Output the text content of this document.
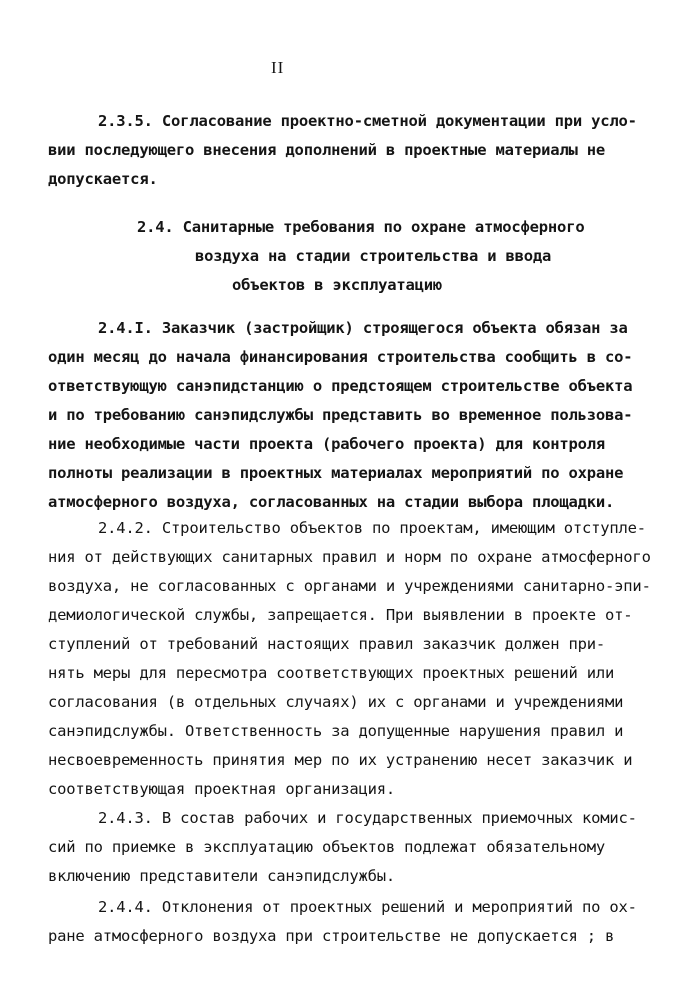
II
2.3.5. Согласование проектно-сметной документации при усло-
вии последующего внесения дополнений в проектные материалы не
допускается.
2.4. Санитарные требования по охране атмосферного
воздуха на стадии строительства и ввода
объектов в эксплуатацию
2.4.I. Заказчик (застройщик) строящегося объекта обязан за
один месяц до начала финансирования строительства сообщить в со-
ответствующую санэпидстанцию о предстоящем строительстве объекта
и по требованию санэпидслужбы представить во временное пользова-
ние необходимые части проекта (рабочего проекта) для контроля
полноты реализации в проектных материалах мероприятий по охране
атмосферного воздуха, согласованных на стадии выбора площадки.
2.4.2. Строительство объектов по проектам, имеющим отступле-
ния от действующих санитарных правил и норм по охране атмосферного
воздуха, не согласованных с органами и учреждениями санитарно-эпи-
демиологической службы, запрещается. При выявлении в проекте от-
ступлений от требований настоящих правил заказчик должен при-
нять меры для пересмотра соответствующих проектных решений или
согласования (в отдельных случаях) их с органами и учреждениями
санэпидслужбы. Ответственность за допущенные нарушения правил и
несвоевременность принятия мер по их устранению несет заказчик и
соответствующая проектная организация.
2.4.3. В состав рабочих и государственных приемочных комис-
сий по приемке в эксплуатацию объектов подлежат обязательному
включению представители санэпидслужбы.
2.4.4. Отклонения от проектных решений и мероприятий по ох-
ране атмосферного воздуха при строительстве не допускается ; в
